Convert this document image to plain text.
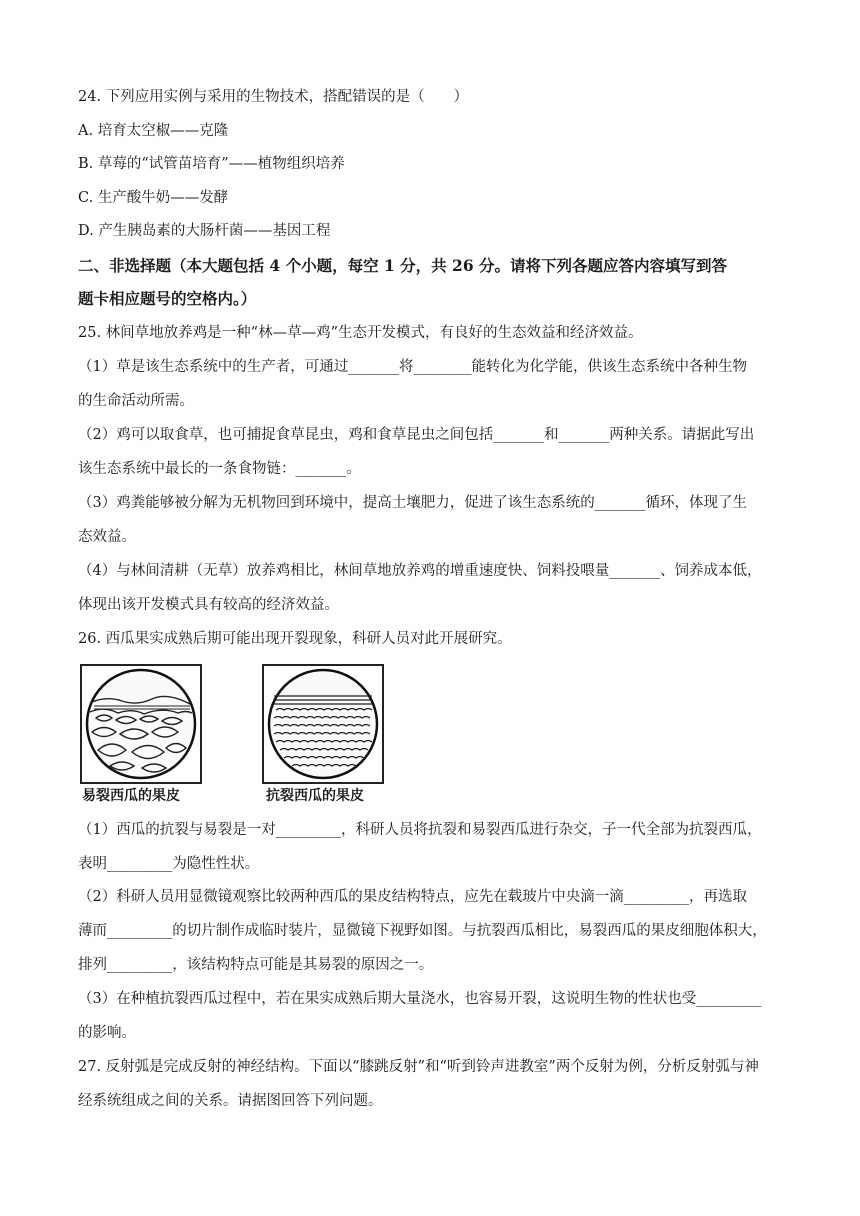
24. 下列应用实例与采用的生物技术，搭配错误的是（　　）
A. 培育太空椒——克隆
B. 草莓的“试管苗培育”——植物组织培养
C. 生产酸牛奶——发酵
D. 产生胰岛素的大肠杆菌——基因工程
二、非选择题（本大题包括 4 个小题，每空 1 分，共 26 分。请将下列各题应答内容填写到答
题卡相应题号的空格内。）
25. 林间草地放养鸡是一种“林—草—鸡”生态开发模式，有良好的生态效益和经济效益。
（1）草是该生态系统中的生产者，可通过_______将________能转化为化学能，供该生态系统中各种生物
的生命活动所需。
（2）鸡可以取食草，也可捕捉食草昆虫，鸡和食草昆虫之间包括_______和_______两种关系。请据此写出
该生态系统中最长的一条食物链：_______。
（3）鸡粪能够被分解为无机物回到环境中，提高土壤肥力，促进了该生态系统的_______循环，体现了生
态效益。
（4）与林间清耕（无草）放养鸡相比，林间草地放养鸡的增重速度快、饲料投喂量_______、饲养成本低，
体现出该开发模式具有较高的经济效益。
26. 西瓜果实成熟后期可能出现开裂现象，科研人员对此开展研究。
易裂西瓜的果皮	抗裂西瓜的果皮
（1）西瓜的抗裂与易裂是一对_________，科研人员将抗裂和易裂西瓜进行杂交，子一代全部为抗裂西瓜，
表明_________为隐性性状。
（2）科研人员用显微镜观察比较两种西瓜的果皮结构特点，应先在载玻片中央滴一滴_________，再选取
薄而_________的切片制作成临时装片，显微镜下视野如图。与抗裂西瓜相比，易裂西瓜的果皮细胞体积大，
排列_________，该结构特点可能是其易裂的原因之一。
（3）在种植抗裂西瓜过程中，若在果实成熟后期大量浇水，也容易开裂，这说明生物的性状也受_________
的影响。
27. 反射弧是完成反射的神经结构。下面以“膝跳反射”和“听到铃声进教室”两个反射为例，分析反射弧与神
经系统组成之间的关系。请据图回答下列问题。
